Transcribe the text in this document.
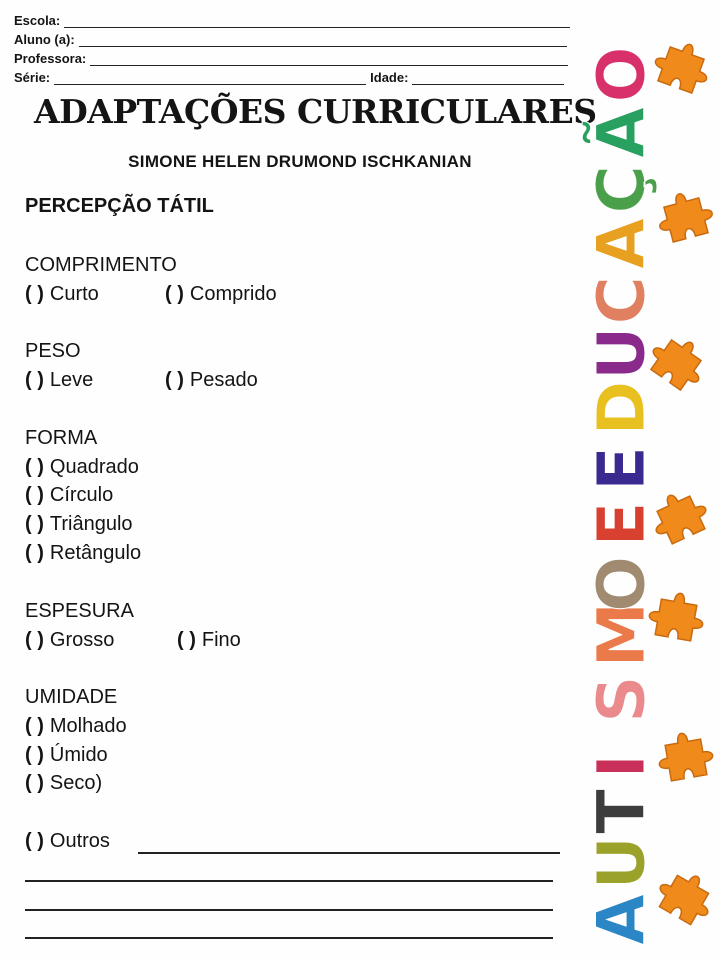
Escola:
Aluno (a):
Professora:
Série:	Idade:
ADAPTAÇÕES CURRICULARES
SIMONE HELEN DRUMOND ISCHKANIAN
PERCEPÇÃO TÁTIL
COMPRIMENTO
( ) Curto	( ) Comprido
PESO
( ) Leve	( ) Pesado
FORMA
( ) Quadrado
( ) Círculo
( ) Triângulo
( ) Retângulo
ESPESURA
( ) Grosso	( ) Fino
UMIDADE
( ) Molhado
( ) Úmido
( ) Seco)
( ) Outros
A
U
T
I
S
M
O
E
E
D
U
C
A
Ç
Ã
O
